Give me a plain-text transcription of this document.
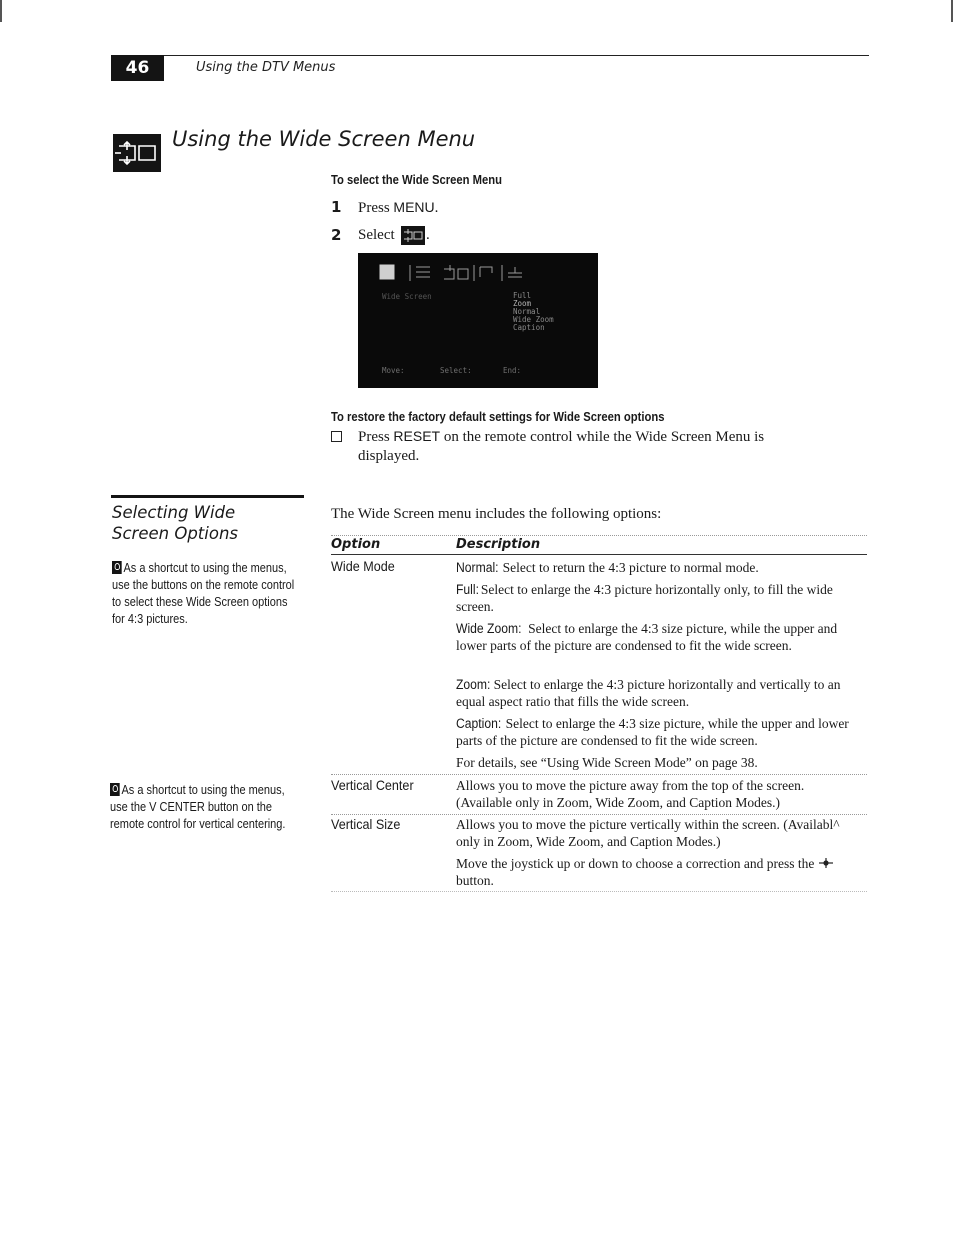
46	Using the DTV Menus
Using the Wide Screen Menu
To select the Wide Screen Menu
1 Press MENU.
2 Select .
Wide Screen	Full
Zoom
Normal
Wide Zoom
Caption
Move:	Select:	End:
To restore the factory default settings for Wide Screen options
Press RESET on the remote control while the Wide Screen Menu is displayed.
Selecting Wide
Screen Options
As a shortcut to using the menus, use the buttons on the remote control to select these Wide Screen options for 4:3 pictures.
As a shortcut to using the menus, use the V CENTER button on the remote control for vertical centering.
The Wide Screen menu includes the following options:
Option	Description
Wide Mode	Normal: Select to return the 4:3 picture to normal mode.
Full: Select to enlarge the 4:3 picture horizontally only, to fill the wide screen.
Wide Zoom: Select to enlarge the 4:3 size picture, while the upper and lower parts of the picture are condensed to fit the wide screen.
Zoom: Select to enlarge the 4:3 picture horizontally and vertically to an equal aspect ratio that fills the wide screen.
Caption: Select to enlarge the 4:3 size picture, while the upper and lower parts of the picture are condensed to fit the wide screen.
For details, see “Using Wide Screen Mode” on page 38.
Vertical Center	Allows you to move the picture away from the top of the screen. (Available only in Zoom, Wide Zoom, and Caption Modes.)
Vertical Size	Allows you to move the picture vertically within the screen. (Availabl^ only in Zoom, Wide Zoom, and Caption Modes.)
Move the joystick up or down to choose a correction and press the  button.
